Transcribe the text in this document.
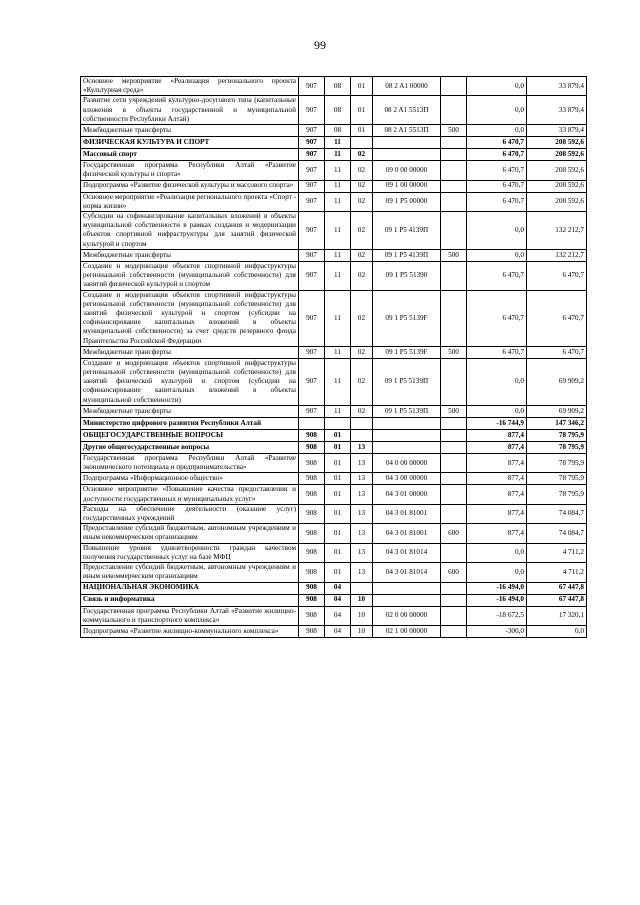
99
Основное мероприятие «Реализация регионального проекта «Культурная среда»	907	08	01	08 2 A1 00000		0,0	33 879,4
Развитие сети учреждений культурно-досугового типа (капитальные вложения в объекты государственной и муниципальной собственности Республики Алтай)	907	08	01	08 2 A1 5513П		0,0	33 879,4
Межбюджетные трансферты	907	08	01	08 2 A1 5513П	500	0,0	33 879,4
ФИЗИЧЕСКАЯ КУЛЬТУРА И СПОРТ	907	11				6 470,7	208 592,6
Массовый спорт	907	11	02			6 470,7	208 592,6
Государственная программа Республики Алтай «Развитие физической культуры и спорта»	907	11	02	09 0 00 00000		6 470,7	208 592,6
Подпрограмма «Развитие физической культуры и массового спорта»	907	11	02	09 1 00 00000		6 470,7	208 592,6
Основное мероприятие «Реализация регионального проекта «Спорт - норма жизни»	907	11	02	09 1 P5 00000		6 470,7	208 592,6
Субсидии на софинансирование капитальных вложений в объекты муниципальной собственности в рамках создания и модернизации объектов спортивной инфраструктуры для занятий физической культурой и спортом	907	11	02	09 1 P5 4139П		0,0	132 212,7
Межбюджетные трансферты	907	11	02	09 1 P5 4139П	500	0,0	132 212,7
Создание и модернизация объектов спортивной инфраструктуры региональной собственности (муниципальной собственности) для занятий физической культурой и спортом	907	11	02	09 1 P5 51390		6 470,7	6 470,7
Создание и модернизация объектов спортивной инфраструктуры региональной собственности (муниципальной собственности) для занятий физической культурой и спортом (субсидии на софинансирование капитальных вложений в объекты муниципальной собственности) за счет средств резервного фонда Правительства Российской Федерации	907	11	02	09 1 P5 5139F		6 470,7	6 470,7
Межбюджетные трансферты	907	11	02	09 1 P5 5139F	500	6 470,7	6 470,7
Создание и модернизация объектов спортивной инфраструктуры региональной собственности (муниципальной собственности) для занятий физической культурой и спортом (субсидии на софинансирование капитальных вложений в объекты муниципальной собственности)	907	11	02	09 1 P5 5139П		0,0	69 909,2
Межбюджетные трансферты	907	11	02	09 1 P5 5139П	500	0,0	69 909,2
Министерство цифрового развития Республики Алтай						-16 744,9	147 346,2
ОБЩЕГОСУДАРСТВЕННЫЕ ВОПРОСЫ	908	01				877,4	78 795,9
Другие общегосударственные вопросы	908	01	13			877,4	78 795,9
Государственная программа Республики Алтай «Развитие экономического потенциала и предпринимательства»	908	01	13	04 0 00 00000		877,4	78 795,9
Подпрограмма «Информационное общество»	908	01	13	04 3 00 00000		877,4	78 795,9
Основное мероприятие «Повышение качества предоставления и доступности государственных и муниципальных услуг»	908	01	13	04 3 01 00000		877,4	78 795,9
Расходы на обеспечение деятельности (оказание услуг) государственных учреждений	908	01	13	04 3 01 81001		877,4	74 084,7
Предоставление субсидий бюджетным, автономным учреждениям и иным некоммерческим организациям	908	01	13	04 3 01 81001	600	877,4	74 084,7
Повышение уровня удовлетворенности граждан качеством получения государственных услуг на базе МФЦ	908	01	13	04 3 01 81014		0,0	4 711,2
Предоставление субсидий бюджетным, автономным учреждениям и иным некоммерческим организациям	908	01	13	04 3 01 81014	600	0,0	4 711,2
НАЦИОНАЛЬНАЯ ЭКОНОМИКА	908	04				-16 494,0	67 447,8
Связь и информатика	908	04	10			-16 494,0	67 447,8
Государственная программа Республики Алтай «Развитие жилищно-коммунального и транспортного комплекса»	908	04	10	02 0 00 00000		-18 672,5	17 320,1
Подпрограмма «Развитие жилищно-коммунального комплекса»	908	04	10	02 1 00 00000		-300,0	0,0
